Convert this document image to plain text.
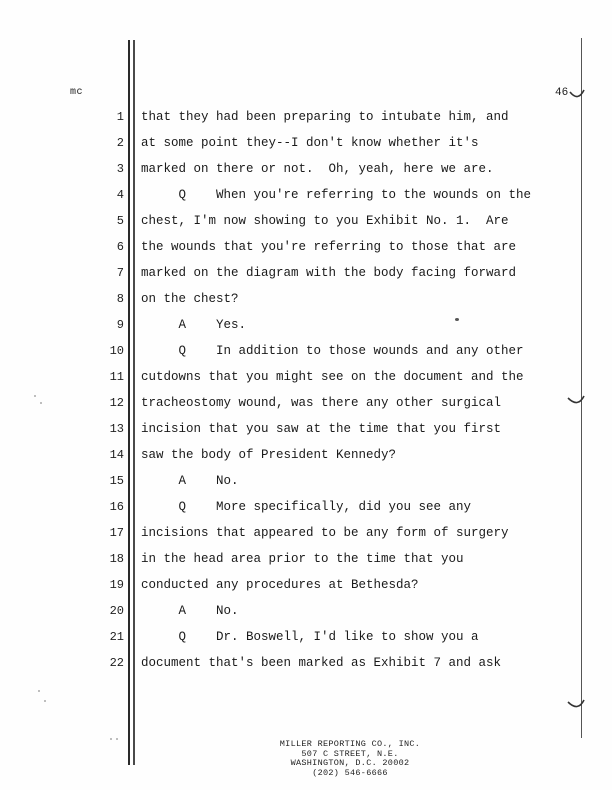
mc	46
1
2
3
4
5
6
7
8
9
10
11
12
13
14
15
16
17
18
19
20
21
22
that they had been preparing to intubate him, and
at some point they--I don't know whether it's
marked on there or not.  Oh, yeah, here we are.
Q    When you're referring to the wounds on the
chest, I'm now showing to you Exhibit No. 1.  Are
the wounds that you're referring to those that are
marked on the diagram with the body facing forward
on the chest?
A    Yes.
Q    In addition to those wounds and any other
cutdowns that you might see on the document and the
tracheostomy wound, was there any other surgical
incision that you saw at the time that you first
saw the body of President Kennedy?
A    No.
Q    More specifically, did you see any
incisions that appeared to be any form of surgery
in the head area prior to the time that you
conducted any procedures at Bethesda?
A    No.
Q    Dr. Boswell, I'd like to show you a
document that's been marked as Exhibit 7 and ask
MILLER REPORTING CO., INC.
507 C STREET, N.E.
WASHINGTON, D.C. 20002
(202) 546-6666
